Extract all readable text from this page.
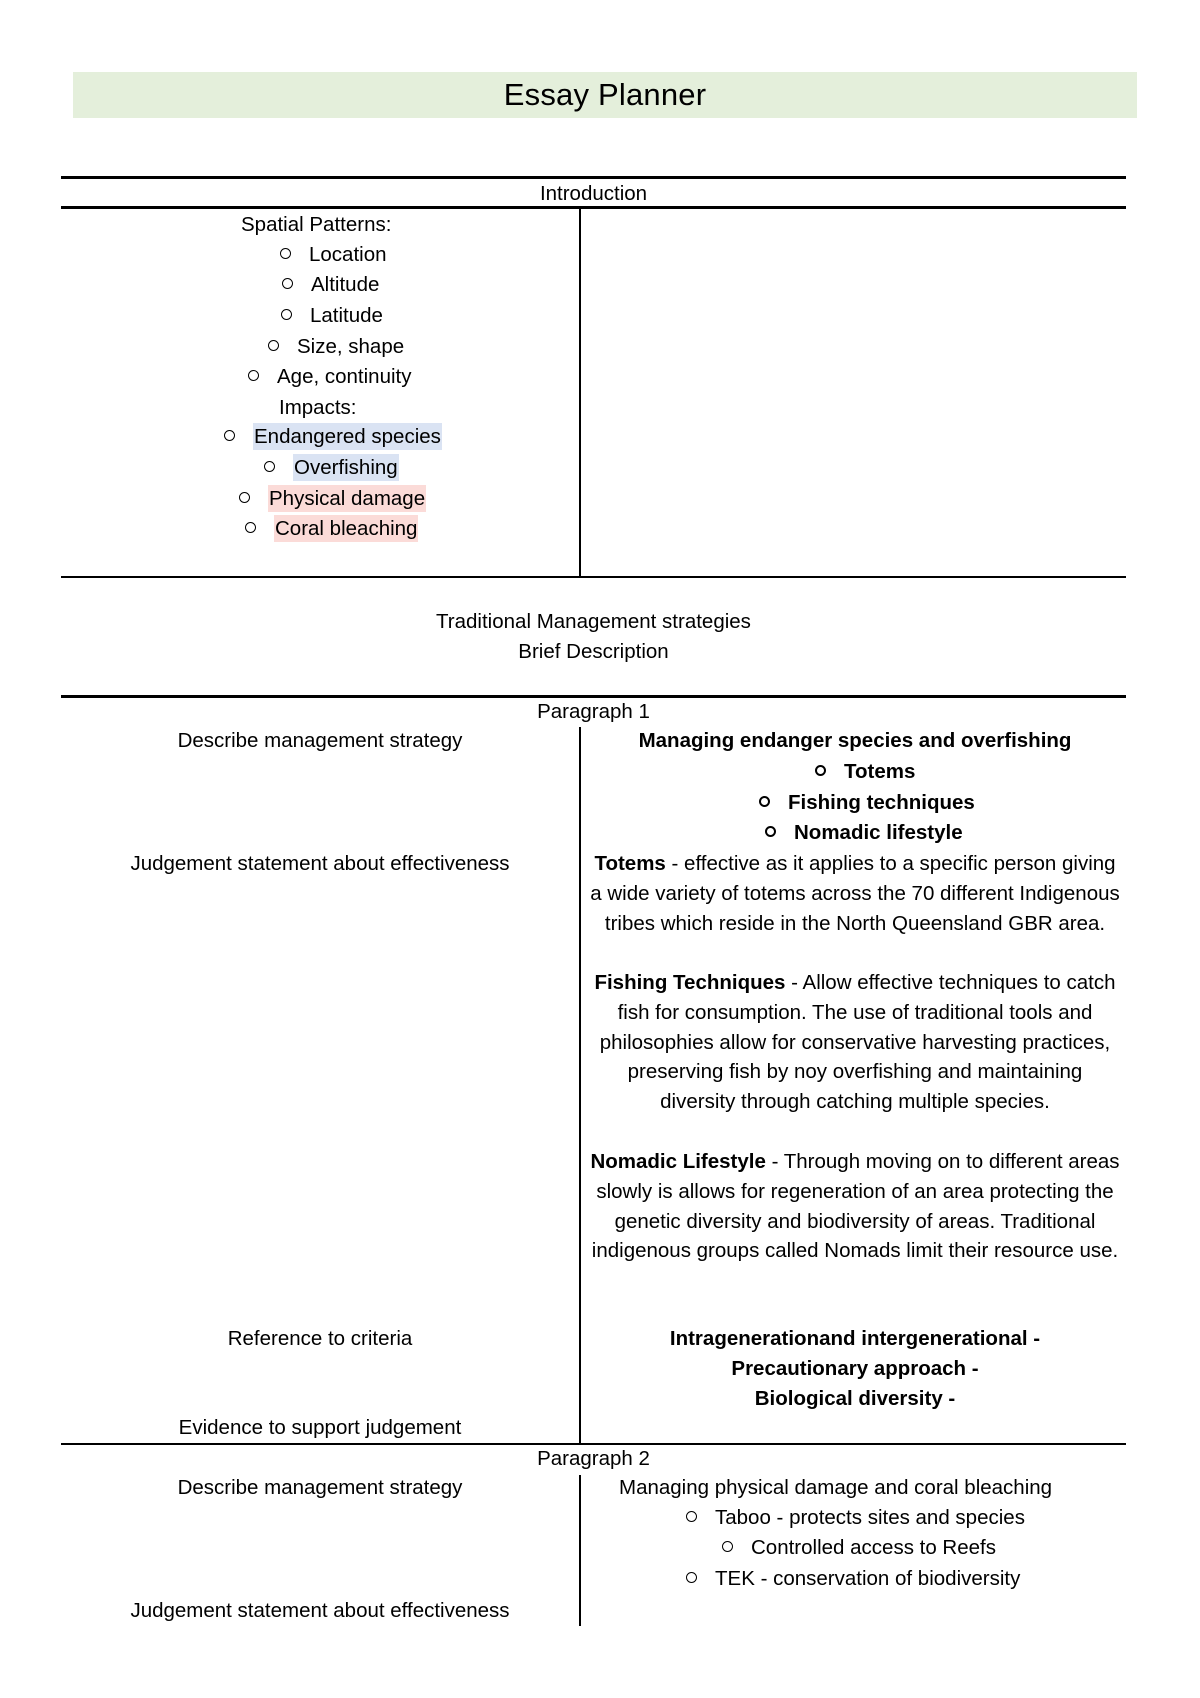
Essay Planner
Introduction
Spatial Patterns:
Location
Altitude
Latitude
Size, shape
Age, continuity
Impacts:
Endangered species
Overfishing
Physical damage
Coral bleaching
Traditional Management strategies
Brief Description
Paragraph 1
Describe management strategy
Judgement statement about effectiveness
Reference to criteria
Evidence to support judgement
Managing endanger species and overfishing
Totems
Fishing techniques
Nomadic lifestyle
Totems - effective as it applies to a specific person giving a wide variety of totems across the 70 different Indigenous tribes which reside in the North Queensland GBR area.
Fishing Techniques - Allow effective techniques to catch fish for consumption. The use of traditional tools and philosophies allow for conservative harvesting practices, preserving fish by noy overfishing and maintaining diversity through catching multiple species.
Nomadic Lifestyle - Through moving on to different areas slowly is allows for regeneration of an area protecting the genetic diversity and biodiversity of areas. Traditional indigenous groups called Nomads limit their resource use.
Intragenerationand intergenerational -
Precautionary approach -
Biological diversity -
Paragraph 2
Describe management strategy
Judgement statement about effectiveness
Managing physical damage and coral bleaching
Taboo - protects sites and species
Controlled access to Reefs
TEK - conservation of biodiversity
